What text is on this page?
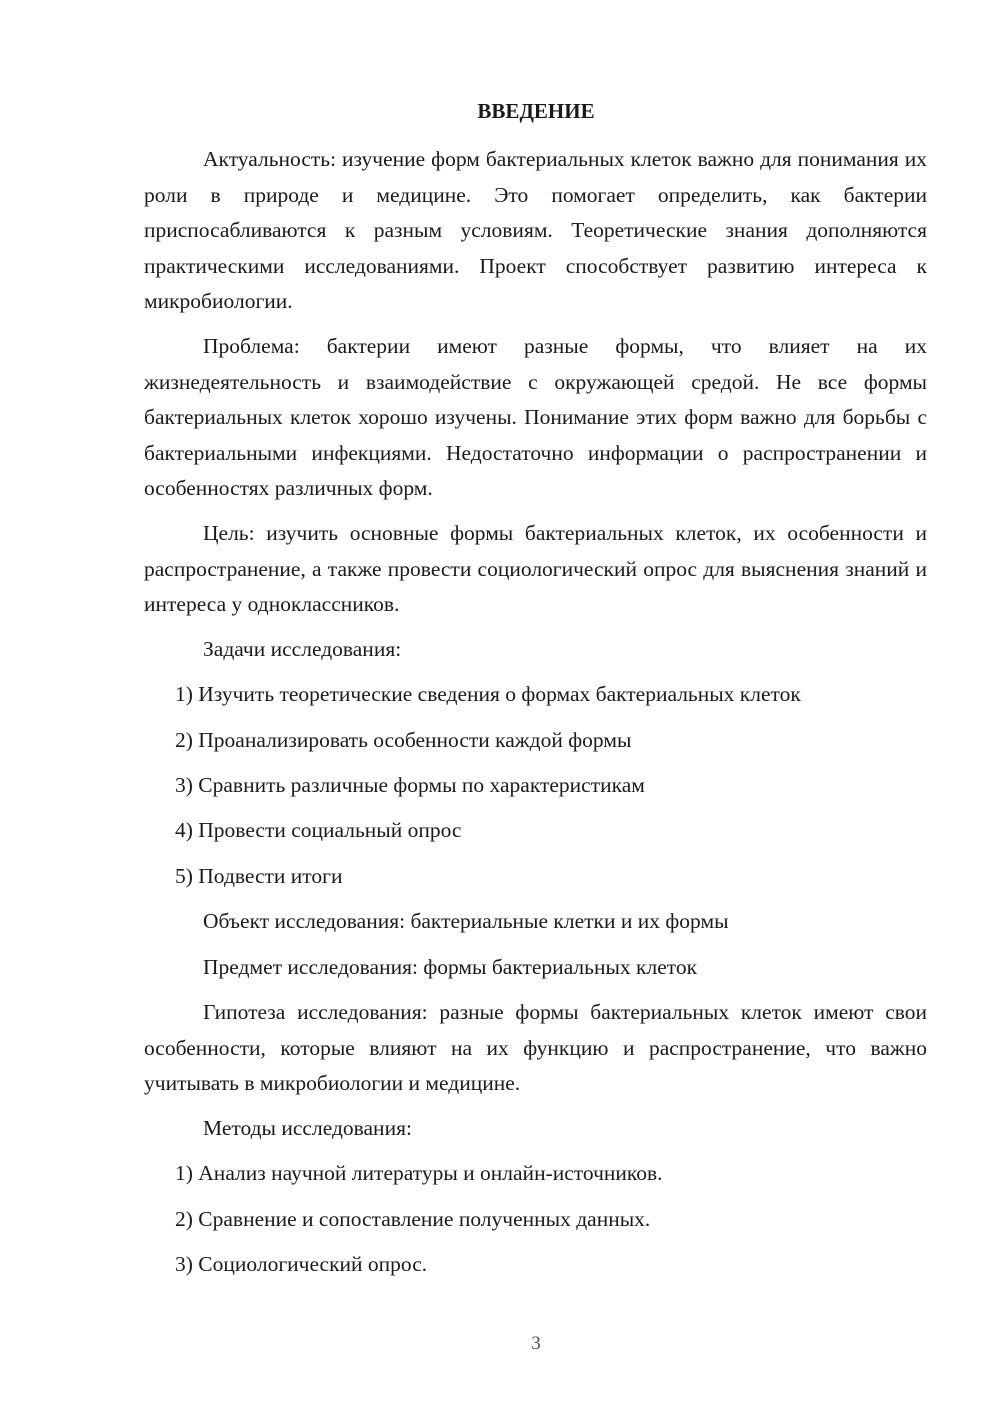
ВВЕДЕНИЕ

Актуальность: изучение форм бактериальных клеток важно для понимания их роли в природе и медицине. Это помогает определить, как бактерии приспосабливаются к разным условиям. Теоретические знания дополняются практическими исследованиями. Проект способствует развитию интереса к микробиологии.

Проблема: бактерии имеют разные формы, что влияет на их жизнедеятельность и взаимодействие с окружающей средой. Не все формы бактериальных клеток хорошо изучены. Понимание этих форм важно для борьбы с бактериальными инфекциями. Недостаточно информации о распространении и особенностях различных форм.

Цель: изучить основные формы бактериальных клеток, их особенности и распространение, а также провести социологический опрос для выяснения знаний и интереса у одноклассников.

Задачи исследования:

1) Изучить теоретические сведения о формах бактериальных клеток

2) Проанализировать особенности каждой формы

3) Сравнить различные формы по характеристикам

4) Провести социальный опрос

5) Подвести итоги

Объект исследования: бактериальные клетки и их формы

Предмет исследования: формы бактериальных клеток

Гипотеза исследования: разные формы бактериальных клеток имеют свои особенности, которые влияют на их функцию и распространение, что важно учитывать в микробиологии и медицине.

Методы исследования:

1) Анализ научной литературы и онлайн-источников.

2) Сравнение и сопоставление полученных данных.

3) Социологический опрос.

3
